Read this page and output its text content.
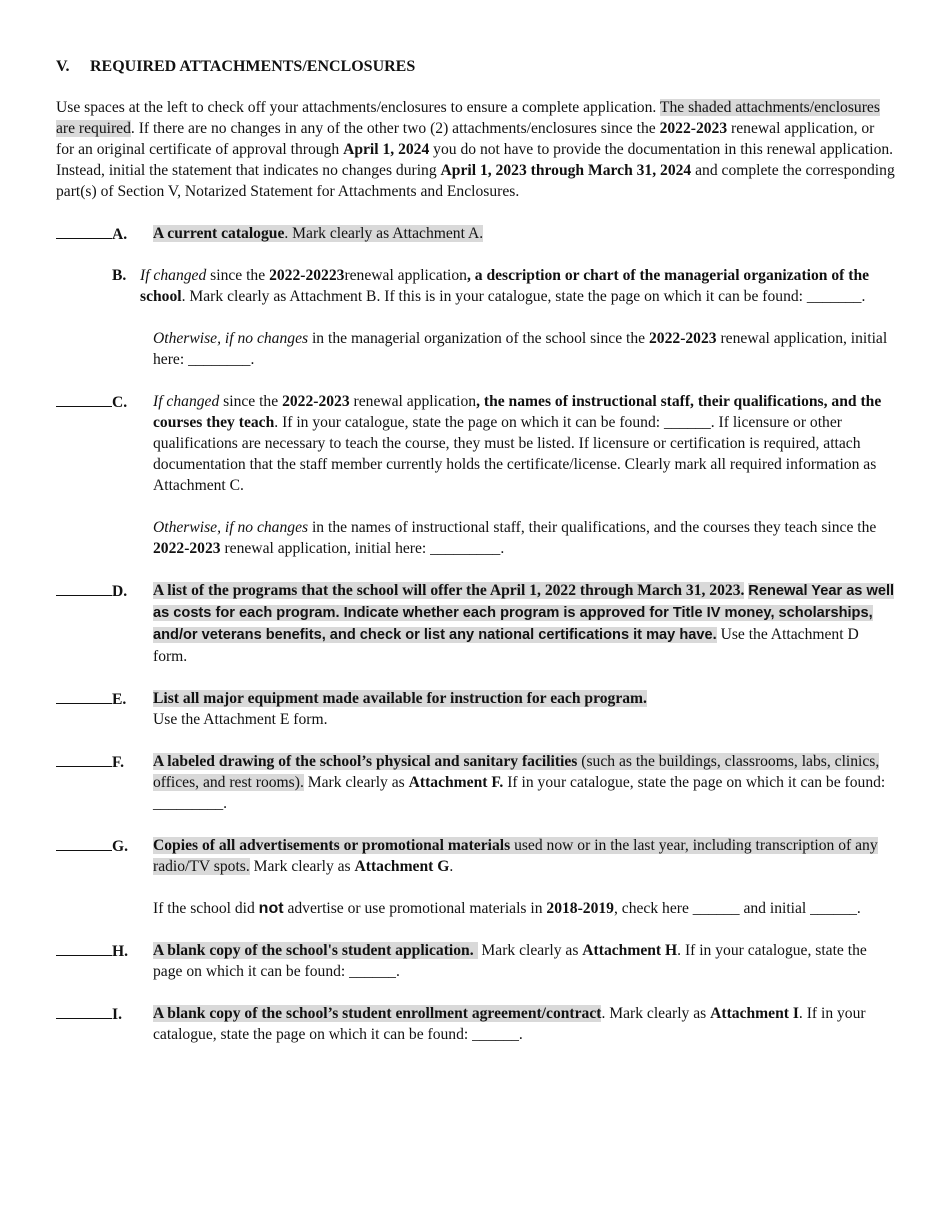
V. REQUIRED ATTACHMENTS/ENCLOSURES

Use spaces at the left to check off your attachments/enclosures to ensure a complete application. The shaded attachments/enclosures are required. If there are no changes in any of the other two (2) attachments/enclosures since the 2022-2023 renewal application, or for an original certificate of approval through April 1, 2024 you do not have to provide the documentation in this renewal application. Instead, initial the statement that indicates no changes during April 1, 2023 through March 31, 2024 and complete the corresponding part(s) of Section V, Notarized Statement for Attachments and Enclosures.

A.	A current catalogue. Mark clearly as Attachment A.

B. If changed since the 2022-20223renewal application, a description or chart of the managerial organization of the school. Mark clearly as Attachment B. If this is in your catalogue, state the page on which it can be found: _______.

Otherwise, if no changes in the managerial organization of the school since the 2022-2023 renewal application, initial here: ________.

C.	If changed since the 2022-2023 renewal application, the names of instructional staff, their qualifications, and the courses they teach. If in your catalogue, state the page on which it can be found: ______. If licensure or other qualifications are necessary to teach the course, they must be listed. If licensure or certification is required, attach documentation that the staff member currently holds the certificate/license. Clearly mark all required information as Attachment C.

Otherwise, if no changes in the names of instructional staff, their qualifications, and the courses they teach since the 2022-2023 renewal application, initial here: _________.

D.	A list of the programs that the school will offer the April 1, 2022 through March 31, 2023. Renewal Year as well as costs for each program. Indicate whether each program is approved for Title IV money, scholarships, and/or veterans benefits, and check or list any national certifications it may have. Use the Attachment D form.

E.	List all major equipment made available for instruction for each program.
Use the Attachment E form.

F.	A labeled drawing of the school’s physical and sanitary facilities (such as the buildings, classrooms, labs, clinics, offices, and rest rooms). Mark clearly as Attachment F. If in your catalogue, state the page on which it can be found: _________.

G.	Copies of all advertisements or promotional materials used now or in the last year, including transcription of any radio/TV spots. Mark clearly as Attachment G.

If the school did not advertise or use promotional materials in 2018-2019, check here ______ and initial ______.

H.	A blank copy of the school's student application.  Mark clearly as Attachment H. If in your catalogue, state the page on which it can be found: ______.

I.	A blank copy of the school’s student enrollment agreement/contract. Mark clearly as Attachment I. If in your catalogue, state the page on which it can be found: ______.
